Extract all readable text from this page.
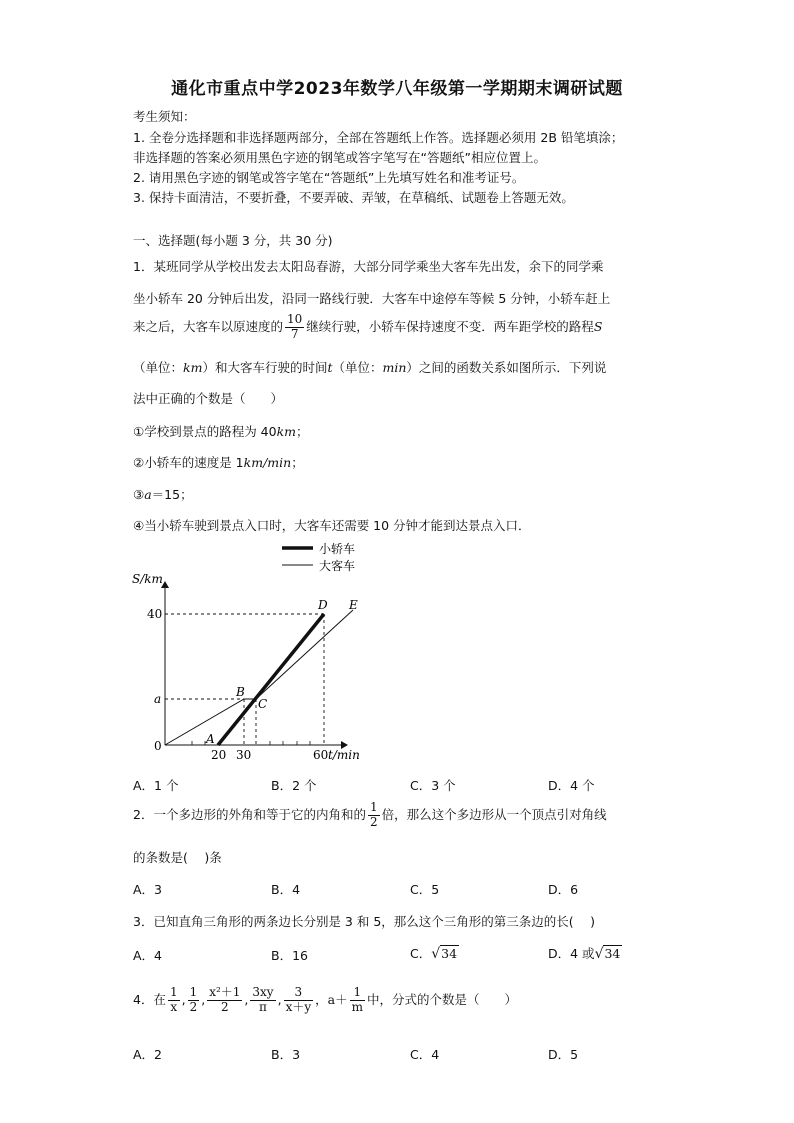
通化市重点中学2023年数学八年级第一学期期末调研试题
考生须知：
1. 全卷分选择题和非选择题两部分，全部在答题纸上作答。选择题必须用 2B 铅笔填涂；
非选择题的答案必须用黑色字迹的钢笔或答字笔写在“答题纸”相应位置上。
2. 请用黑色字迹的钢笔或答字笔在“答题纸”上先填写姓名和准考证号。
3. 保持卡面清洁，不要折叠，不要弄破、弄皱，在草稿纸、试题卷上答题无效。
一、选择题(每小题 3 分，共 30 分)
1．某班同学从学校出发去太阳岛春游，大部分同学乘坐大客车先出发，余下的同学乘
坐小轿车 20 分钟后出发，沿同一路线行驶．大客车中途停车等候 5 分钟，小轿车赶上
来之后，大客车以原速度的 $\frac{10}{7}$ 继续行驶，小轿车保持速度不变．两车距学校的路程S
（单位：km）和大客车行驶的时间t（单位：min）之间的函数关系如图所示．下列说
法中正确的个数是（　　）
①学校到景点的路程为 40km；
②小轿车的速度是 1km/min；
③a＝15；
④当小轿车驶到景点入口时，大客车还需要 10 分钟才能到达景点入口．
小轿车
大客车
S/km
t/min
40
a
0
20 30	60
A
B
C
D E
A．1 个	B．2 个	C．3 个	D．4 个
2．一个多边形的外角和等于它的内角和的 $\frac{1}{2}$ 倍，那么这个多边形从一个顶点引对角线
的条数是(　 )条
A．3	B．4	C．5	D．6
3．已知直角三角形的两条边长分别是 3 和 5，那么这个三角形的第三条边的长(　 )
A．4	B．16	C．√34	D．4 或√34
4．在 $\frac{1}{x}$ , $\frac{1}{2}$ , $\frac{\text{x²＋1}}{2}$ , $\frac{3xy}{\pi}$ , $\frac{3}{x+y}$ ，$a+ \frac{1}{m}$ 中，分式的个数是（　　）
A．2	B．3	C．4	D．5
